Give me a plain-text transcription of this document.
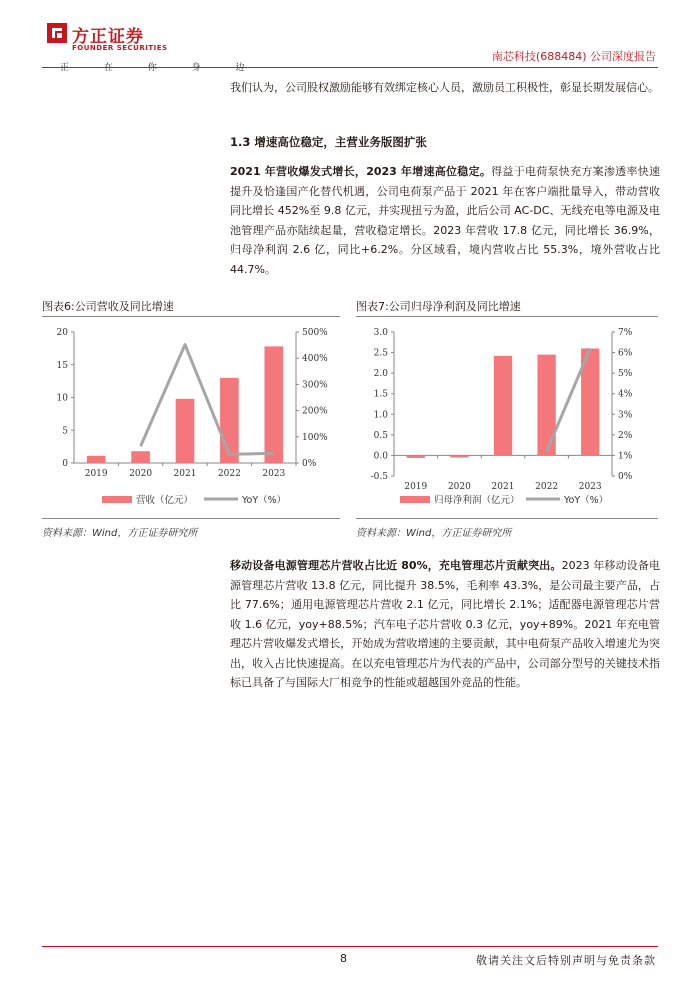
方正证券
FOUNDER SECURITIES
正 在 你 身 边
南芯科技(688484) 公司深度报告
我们认为，公司股权激励能够有效绑定核心人员，激励员工积极性，彰显长期发展信心。
1.3 增速高位稳定，主营业务版图扩张
2021 年营收爆发式增长，2023 年增速高位稳定。得益于电荷泵快充方案渗透率快速提升及恰逢国产化替代机遇，公司电荷泵产品于 2021 年在客户端批量导入，带动营收同比增长 452%至 9.8 亿元，并实现扭亏为盈，此后公司 AC-DC、无线充电等电源及电池管理产品亦陆续起量，营收稳定增长。2023 年营收 17.8 亿元，同比增长 36.9%，归母净利润 2.6 亿，同比+6.2%。分区域看，境内营收占比 55.3%，境外营收占比 44.7%。
图表6:公司营收及同比增速	图表7:公司归母净利润及同比增速
0
5
10
15
20
0%
100%
200%
300%
400%
500%
2019 2020 2021 2022 2023
营收（亿元）	YoY（%）
-0.5
0.0
0.5
1.0
1.5
2.0
2.5
3.0
0%
1%
2%
3%
4%
5%
6%
7%
2019 2020 2021 2022 2023
归母净利润（亿元）	YoY（%）
资料来源：Wind，方正证券研究所	资料来源：Wind，方正证券研究所
移动设备电源管理芯片营收占比近 80%，充电管理芯片贡献突出。2023 年移动设备电源管理芯片营收 13.8 亿元，同比提升 38.5%，毛利率 43.3%，是公司最主要产品，占比 77.6%；通用电源管理芯片营收 2.1 亿元，同比增长 2.1%；适配器电源管理芯片营收 1.6 亿元，yoy+88.5%；汽车电子芯片营收 0.3 亿元，yoy+89%。2021 年充电管理芯片营收爆发式增长，开始成为营收增速的主要贡献，其中电荷泵产品收入增速尤为突出，收入占比快速提高。在以充电管理芯片为代表的产品中，公司部分型号的关键技术指标已具备了与国际大厂相竞争的性能或超越国外竞品的性能。
8	敬请关注文后特别声明与免责条款
